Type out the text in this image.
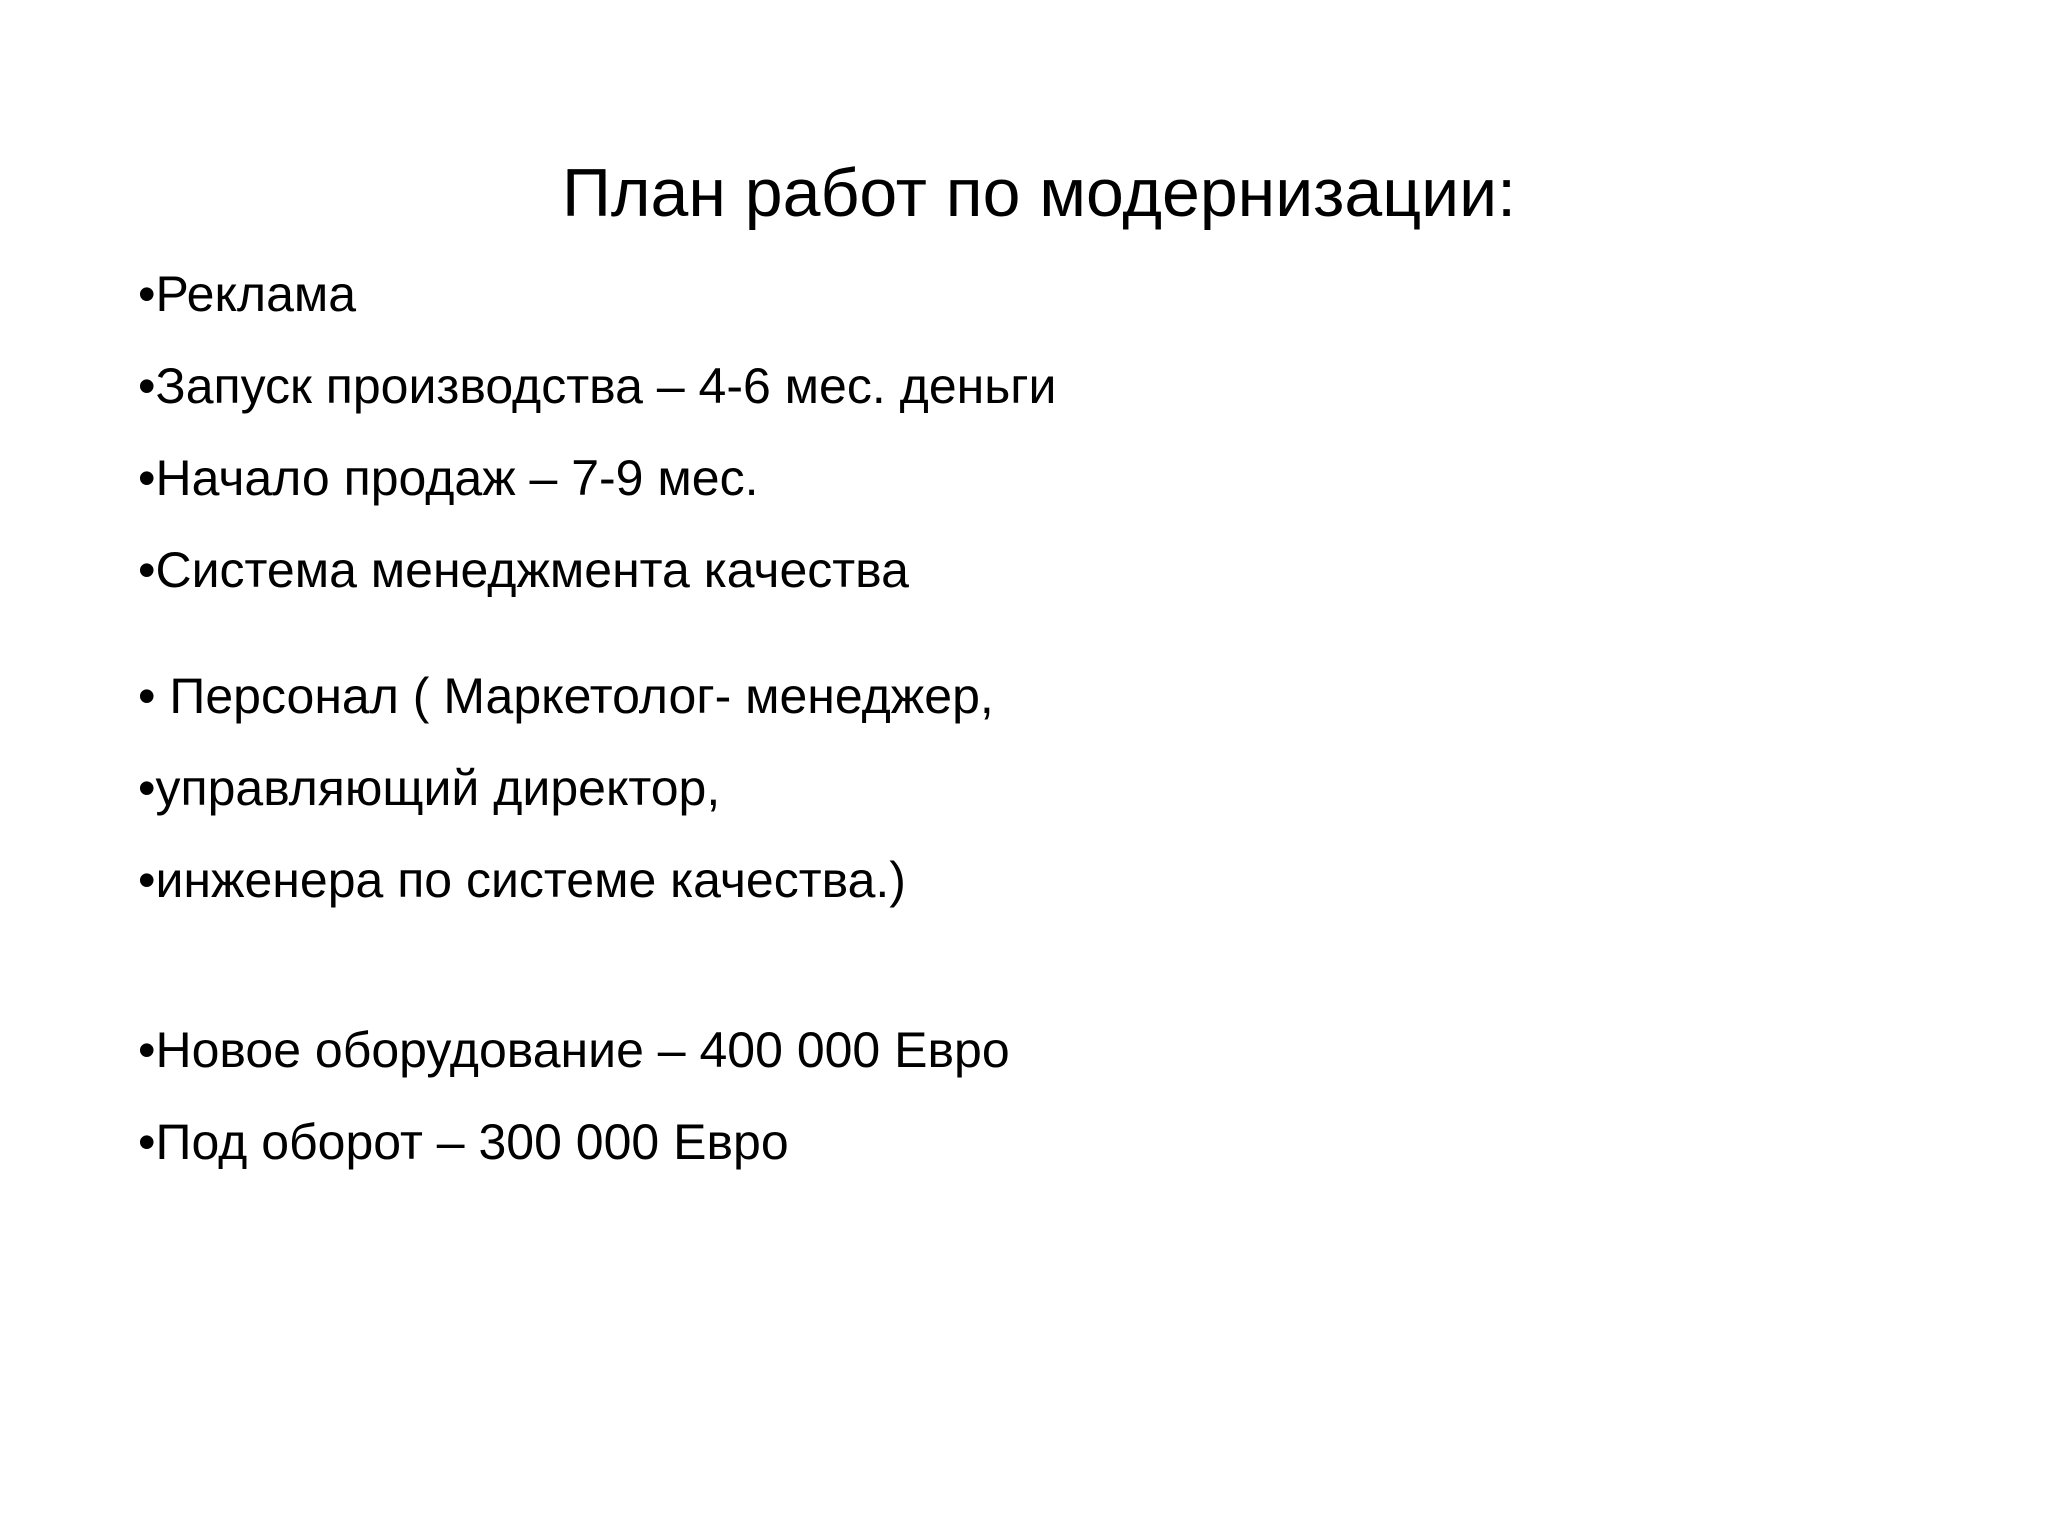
План работ по модернизации:
•Реклама
•Запуск производства – 4-6 мес. деньги
•Начало продаж – 7-9 мес.
•Система менеджмента качества
• Персонал ( Маркетолог- менеджер,
•управляющий директор,
•инженера по системе качества.)
•Новое оборудование – 400 000 Евро
•Под оборот – 300 000 Евро
